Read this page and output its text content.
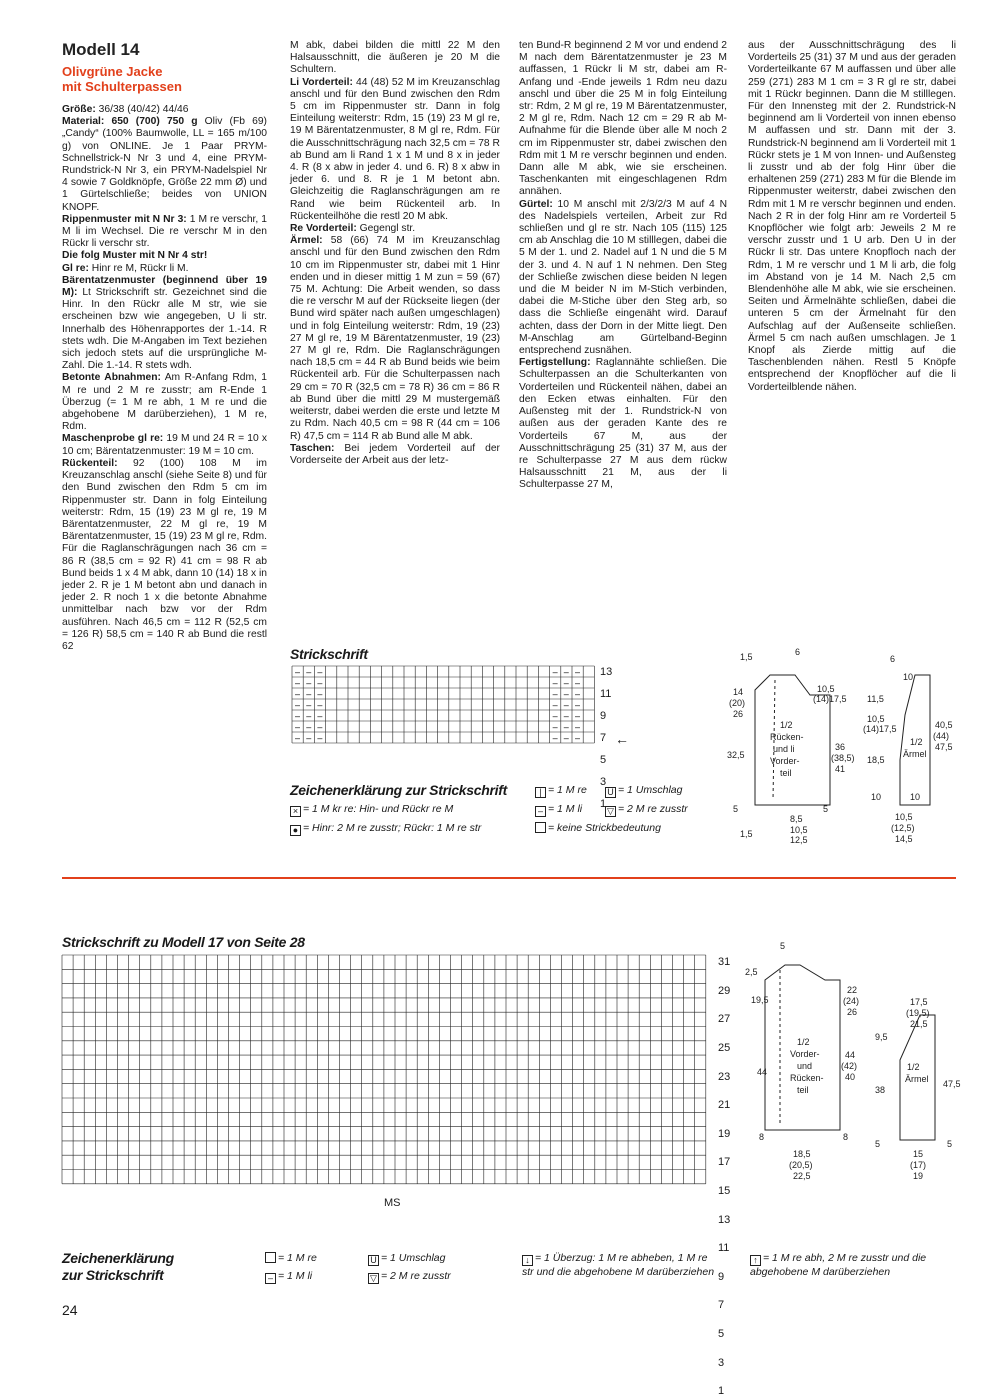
Modell 14
Olivgrüne Jacke
mit Schulterpassen

Größe: 36/38 (40/42) 44/46

Material: 650 (700) 750 g Oliv (Fb 69) „Candy“ (100% Baumwolle, LL = 165 m/100 g) von ONLINE. Je 1 Paar PRYM-Schnellstrick-N Nr 3 und 4, eine PRYM-Rundstrick-N Nr 3, ein PRYM-Nadelspiel Nr 4 sowie 7 Goldknöpfe, Größe 22 mm Ø) und 1 Gürtelschließe; beides von UNION KNOPF.

Rippenmuster mit N Nr 3: 1 M re verschr, 1 M li im Wechsel. Die re verschr M in den Rückr li verschr str.

Die folg Muster mit N Nr 4 str!

Gl re: Hinr re M, Rückr li M.

Bärentatzenmuster (beginnend über 19 M): Lt Strickschrift str. Gezeichnet sind die Hinr. In den Rückr alle M str, wie sie erscheinen bzw wie angegeben, U li str. Innerhalb des Höhenrapportes der 1.-14. R stets wdh. Die M-Angaben im Text beziehen sich jedoch stets auf die ursprüngliche M-Zahl. Die 1.-14. R stets wdh.

Betonte Abnahmen: Am R-Anfang Rdm, 1 M re und 2 M re zusstr; am R-Ende 1 Überzug (= 1 M re abh, 1 M re und die abgehobene M darüberziehen), 1 M re, Rdm.

Maschenprobe gl re: 19 M und 24 R = 10 x 10 cm; Bärentatzenmuster: 19 M = 10 cm.

Rückenteil: 92 (100) 108 M im Kreuzanschlag anschl (siehe Seite 8) und für den Bund zwischen den Rdm 5 cm im Rippenmuster str. Dann in folg Einteilung weiterstr: Rdm, 15 (19) 23 M gl re, 19 M Bärentatzenmuster, 22 M gl re, 19 M Bärentatzenmuster, 15 (19) 23 M gl re, Rdm. Für die Raglanschrägungen nach 36 cm = 86 R (38,5 cm = 92 R) 41 cm = 98 R ab Bund beids 1 x 4 M abk, dann 10 (14) 18 x in jeder 2. R je 1 M betont abn und danach in jeder 2. R noch 1 x die betonte Abnahme unmittelbar nach bzw vor der Rdm ausführen. Nach 46,5 cm = 112 R (52,5 cm = 126 R) 58,5 cm = 140 R ab Bund die restl 62

M abk, dabei bilden die mittl 22 M den Halsausschnitt, die äußeren je 20 M die Schultern.

Li Vorderteil: 44 (48) 52 M im Kreuzanschlag anschl und für den Bund zwischen den Rdm 5 cm im Rippenmuster str. Dann in folg Einteilung weiterstr: Rdm, 15 (19) 23 M gl re, 19 M Bärentatzenmuster, 8 M gl re, Rdm. Für die Ausschnittschrägung nach 32,5 cm = 78 R ab Bund am li Rand 1 x 1 M und 8 x in jeder 4. R (8 x abw in jeder 4. und 6. R) 8 x abw in jeder 6. und 8. R je 1 M betont abn. Gleichzeitig die Raglanschrägungen am re Rand wie beim Rückenteil arb. In Rückenteilhöhe die restl 20 M abk.

Re Vorderteil: Gegengl str.

Ärmel: 58 (66) 74 M im Kreuzanschlag anschl und für den Bund zwischen den Rdm 10 cm im Rippenmuster str, dabei mit 1 Hinr enden und in dieser mittig 1 M zun = 59 (67) 75 M. Achtung: Die Arbeit wenden, so dass die re verschr M auf der Rückseite liegen (der Bund wird später nach außen umgeschlagen) und in folg Einteilung weiterstr: Rdm, 19 (23) 27 M gl re, 19 M Bärentatzenmuster, 19 (23) 27 M gl re, Rdm. Die Raglanschrägungen nach 18,5 cm = 44 R ab Bund beids wie beim Rückenteil arb. Für die Schulterpassen nach 29 cm = 70 R (32,5 cm = 78 R) 36 cm = 86 R ab Bund über die mittl 29 M mustergemäß weiterstr, dabei werden die erste und letzte M zu Rdm. Nach 40,5 cm = 98 R (44 cm = 106 R) 47,5 cm = 114 R ab Bund alle M abk.

Taschen: Bei jedem Vorderteil auf der Vorderseite der Arbeit aus der letz-

ten Bund-R beginnend 2 M vor und endend 2 M nach dem Bärentatzenmuster je 23 M auffassen, 1 Rückr li M str, dabei am R-Anfang und -Ende jeweils 1 Rdm neu dazu anschl und über die 25 M in folg Einteilung str: Rdm, 2 M gl re, 19 M Bärentatzenmuster, 2 M gl re, Rdm. Nach 12 cm = 29 R ab M-Aufnahme für die Blende über alle M noch 2 cm im Rippenmuster str, dabei zwischen den Rdm mit 1 M re verschr beginnen und enden. Dann alle M abk, wie sie erscheinen. Taschenkanten mit eingeschlagenen Rdm annähen.

Gürtel: 10 M anschl mit 2/3/2/3 M auf 4 N des Nadelspiels verteilen, Arbeit zur Rd schließen und gl re str. Nach 105 (115) 125 cm ab Anschlag die 10 M stilllegen, dabei die 5 M der 1. und 2. Nadel auf 1 N und die 5 M der 3. und 4. N auf 1 N nehmen. Den Steg der Schließe zwischen diese beiden N legen und die M beider N im M-Stich verbinden, dabei die M-Stiche über den Steg arb, so dass die Schließe eingenäht wird. Darauf achten, dass der Dorn in der Mitte liegt. Den M-Anschlag am Gürtelband-Beginn entsprechend zusnähen.

Fertigstellung: Raglannähte schließen. Die Schulterpassen an die Schulterkanten von Vorderteilen und Rückenteil nähen, dabei an den Ecken etwas einhalten. Für den Außensteg mit der 1. Rundstrick-N von außen aus der geraden Kante des re Vorderteils 67 M, aus der Ausschnittschrägung 25 (31) 37 M, aus der re Schulterpasse 27 M aus dem rückw Halsausschnitt 21 M, aus der li Schulterpasse 27 M,

aus der Ausschnittschrägung des li Vorderteils 25 (31) 37 M und aus der geraden Vorderteilkante 67 M auffassen und über alle 259 (271) 283 M 1 cm = 3 R gl re str, dabei mit 1 Rückr beginnen. Dann die M stilllegen. Für den Innensteg mit der 2. Rundstrick-N beginnend am li Vorderteil von innen ebenso M auffassen und str. Dann mit der 3. Rundstrick-N beginnend am li Vorderteil mit 1 Rückr stets je 1 M von Innen- und Außensteg li zusstr und ab der folg Hinr über die erhaltenen 259 (271) 283 M für die Blende im Rippenmuster weiterstr, dabei zwischen den Rdm mit 1 M re verschr beginnen und enden. Nach 2 R in der folg Hinr am re Vorderteil 5 Knopflöcher wie folgt arb: Jeweils 2 M re verschr zusstr und 1 U arb. Den U in der Rückr li str. Das untere Knopfloch nach der Rdm, 1 M re verschr und 1 M li arb, die folg im Abstand von je 14 M. Nach 2,5 cm Blendenhöhe alle M abk, wie sie erscheinen. Seiten und Ärmelnähte schließen, dabei die unteren 5 cm der Ärmelnaht für den Aufschlag auf der Außenseite schließen. Ärmel 5 cm nach außen umschlagen. Je 1 Knopf als Zierde mittig auf die Taschenblenden nähen. Restl 5 Knöpfe entsprechend der Knopflöcher auf die li Vorderteilblende nähen.

Strickschrift
– – –	– – –
– – –	– – –
– – –	– – –
– – –	– – –
– – –	– – –
– – –	– – –
– – –	– – –
13
11
9
7
5
3
1
←
Zeichenerklärung zur Strickschrift	| = 1 M re U = 1 Umschlag
× = 1 M kr re: Hin- und Rückr re M	– = 1 M li	▽ = 2 M re zusstr
● = Hinr: 2 M re zusstr; Rückr: 1 M re str	= keine Strickbedeutung
1/2
Rücken-
und li
Vorder-
teil
1/2
Ärmel
1,5	6
14
(20)
26
10,5
(14)17,5
32,5
36
(38,5)
41
5
8,5
10,5
12,5
1,5
5
6
10
11,5
10,5
(14)17,5	40,5
(44)
47,5
18,5
10	10
10,5
(12,5)
14,5
Strickschrift zu Modell 17 von Seite 28
31
29
27
25
23
21
19
17
15
13
11
9
7
5
3
1
MS
1/2
Vorder-
und
Rücken-
teil
1/2
Ärmel
5
2,5
19,5
22
(24)
26
44
44
(42)
40
8	8
18,5
(20,5)
22,5
17,5
(19,5)
21,5
9,5
38
47,5
5	5
15
(17)
19
Zeichenerklärung
zur Strickschrift
= 1 M re
– = 1 M li
U = 1 Umschlag
▽ = 2 M re zusstr
↓ = 1 Überzug: 1 M re abheben, 1 M re str und die abgehobene M darüberziehen
↑ = 1 M re abh, 2 M re zusstr und die abgehobene M darüberziehen
24
